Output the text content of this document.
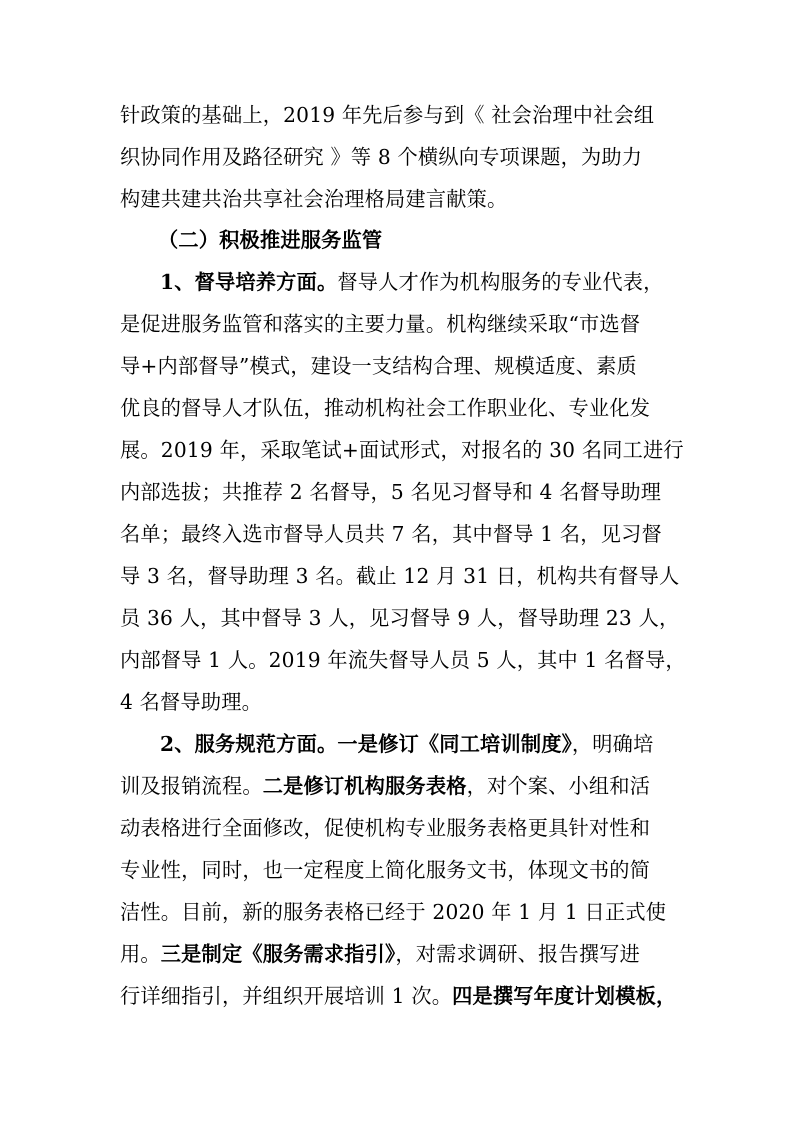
针政策的基础上，2019 年先后参与到《 社会治理中社会组
织协同作用及路径研究 》等 8 个横纵向专项课题，为助力
构建共建共治共享社会治理格局建言献策。
（二）积极推进服务监管
1、督导培养方面。督导人才作为机构服务的专业代表，
是促进服务监管和落实的主要力量。机构继续采取“市选督
导+内部督导”模式，建设一支结构合理、规模适度、素质
优良的督导人才队伍，推动机构社会工作职业化、专业化发
展。2019 年，采取笔试+面试形式，对报名的 30 名同工进行
内部选拔；共推荐 2 名督导，5 名见习督导和 4 名督导助理
名单；最终入选市督导人员共 7 名，其中督导 1 名，见习督
导 3 名，督导助理 3 名。截止 12 月 31 日，机构共有督导人
员 36 人，其中督导 3 人，见习督导 9 人，督导助理 23 人，
内部督导 1 人。2019 年流失督导人员 5 人，其中 1 名督导，
4 名督导助理。
2、服务规范方面。一是修订《同工培训制度》，明确培
训及报销流程。二是修订机构服务表格，对个案、小组和活
动表格进行全面修改，促使机构专业服务表格更具针对性和
专业性，同时，也一定程度上简化服务文书，体现文书的简
洁性。目前，新的服务表格已经于 2020 年 1 月 1 日正式使
用。三是制定《服务需求指引》，对需求调研、报告撰写进
行详细指引，并组织开展培训 1 次。四是撰写年度计划模板，
